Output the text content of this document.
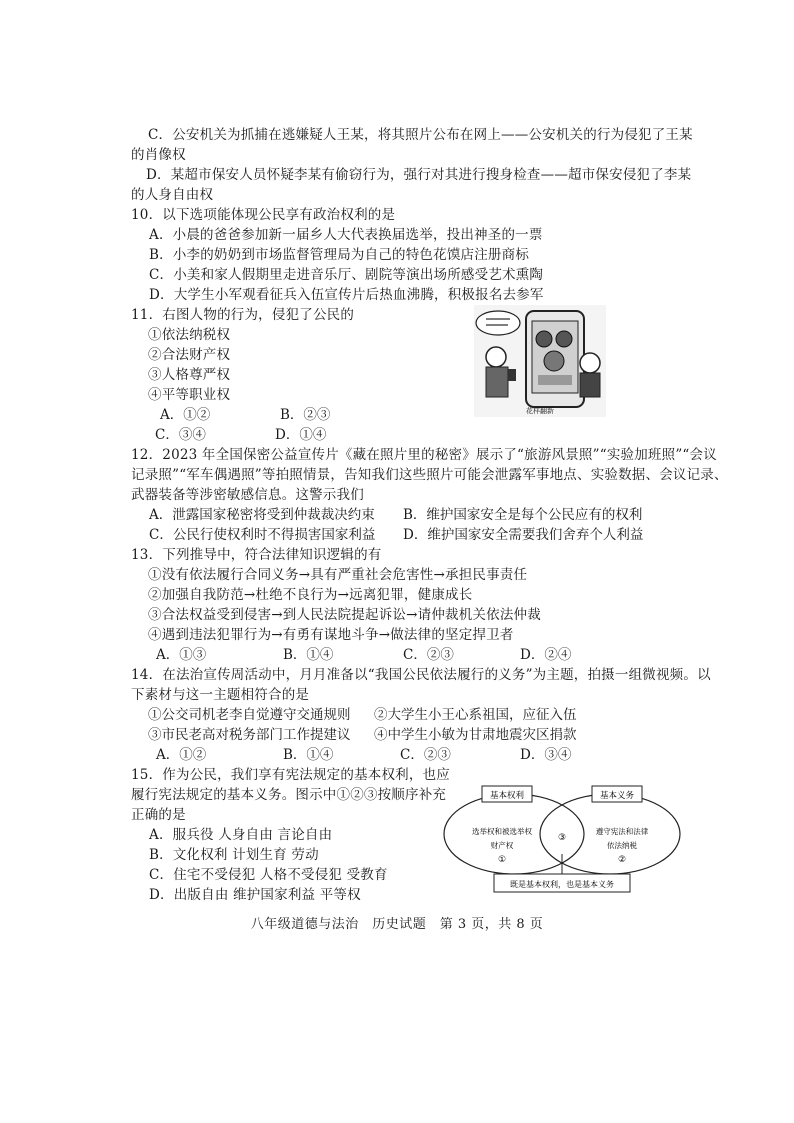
C．公安机关为抓捕在逃嫌疑人王某，将其照片公布在网上——公安机关的行为侵犯了王某
的肖像权
D．某超市保安人员怀疑李某有偷窃行为，强行对其进行搜身检查——超市保安侵犯了李某
的人身自由权
10．以下选项能体现公民享有政治权利的是
A．小晨的爸爸参加新一届乡人大代表换届选举，投出神圣的一票
B．小李的奶奶到市场监督管理局为自己的特色花馍店注册商标
C．小美和家人假期里走进音乐厅、剧院等演出场所感受艺术熏陶
D．大学生小军观看征兵入伍宣传片后热血沸腾，积极报名去参军
11．右图人物的行为，侵犯了公民的
①依法纳税权
②合法财产权
③人格尊严权
④平等职业权
A．①②	B．②③
C．③④	D．①④
花样翻新
12．2023 年全国保密公益宣传片《藏在照片里的秘密》展示了“旅游风景照”“实验加班照”“会议
记录照”“军车偶遇照”等拍照情景，告知我们这些照片可能会泄露军事地点、实验数据、会议记录、
武器装备等涉密敏感信息。这警示我们
A．泄露国家秘密将受到仲裁裁决约束 B．维护国家安全是每个公民应有的权利
C．公民行使权利时不得损害国家利益 D．维护国家安全需要我们舍弃个人利益
13．下列推导中，符合法律知识逻辑的有
①没有依法履行合同义务→具有严重社会危害性→承担民事责任
②加强自我防范→杜绝不良行为→远离犯罪，健康成长
③合法权益受到侵害→到人民法院提起诉讼→请仲裁机关依法仲裁
④遇到违法犯罪行为→有勇有谋地斗争→做法律的坚定捍卫者
A．①③	B．①④	C．②③	D．②④
14．在法治宣传周活动中，月月准备以“我国公民依法履行的义务”为主题，拍摄一组微视频。以
下素材与这一主题相符合的是
①公交司机老李自觉遵守交通规则 ②大学生小王心系祖国，应征入伍
③市民老高对税务部门工作提建议 ④中学生小敏为甘肃地震灾区捐款
A．①②	B．①④	C．②③	D．③④
15．作为公民，我们享有宪法规定的基本权利，也应
履行宪法规定的基本义务。图示中①②③按顺序补充
正确的是
A．服兵役 人身自由 言论自由
B．文化权利 计划生育 劳动
C．住宅不受侵犯 人格不受侵犯 受教育
D．出版自由 维护国家利益 平等权
基本权利	基本义务
选举权和被选举权
财产权
①
③
遵守宪法和法律
依法纳税
②
既是基本权利，也是基本义务
八年级道德与法治　历史试题　第 3 页，共 8 页
